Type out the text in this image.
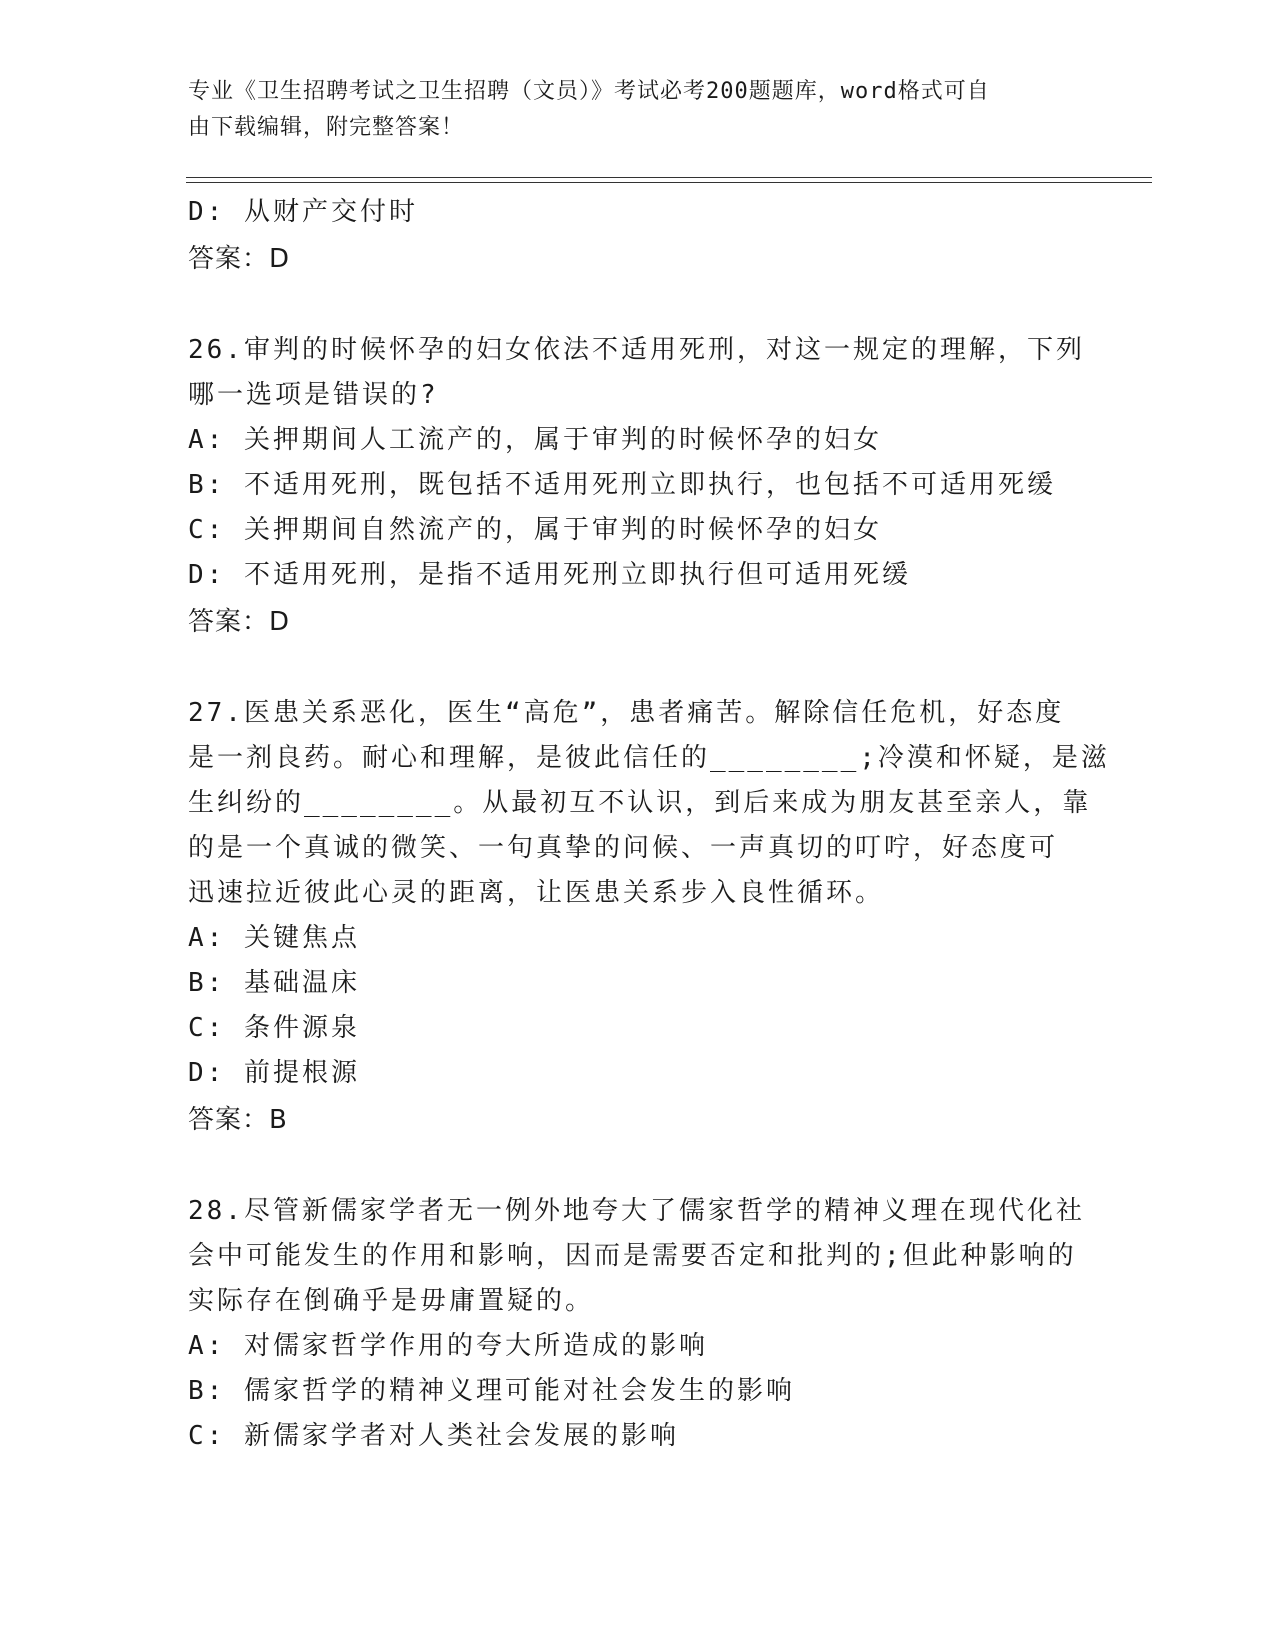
专业《卫生招聘考试之卫生招聘（文员）》考试必考200题题库，word格式可自
由下载编辑，附完整答案！
D: 从财产交付时
答案：D
26.审判的时候怀孕的妇女依法不适用死刑，对这一规定的理解，下列
哪一选项是错误的?
A: 关押期间人工流产的，属于审判的时候怀孕的妇女
B: 不适用死刑，既包括不适用死刑立即执行，也包括不可适用死缓
C: 关押期间自然流产的，属于审判的时候怀孕的妇女
D: 不适用死刑，是指不适用死刑立即执行但可适用死缓
答案：D
27.医患关系恶化，医生“高危”，患者痛苦。解除信任危机，好态度
是一剂良药。耐心和理解，是彼此信任的________;冷漠和怀疑，是滋
生纠纷的________。从最初互不认识，到后来成为朋友甚至亲人，靠
的是一个真诚的微笑、一句真挚的问候、一声真切的叮咛，好态度可
迅速拉近彼此心灵的距离，让医患关系步入良性循环。
A: 关键焦点
B: 基础温床
C: 条件源泉
D: 前提根源
答案：B
28.尽管新儒家学者无一例外地夸大了儒家哲学的精神义理在现代化社
会中可能发生的作用和影响，因而是需要否定和批判的;但此种影响的
实际存在倒确乎是毋庸置疑的。
A: 对儒家哲学作用的夸大所造成的影响
B: 儒家哲学的精神义理可能对社会发生的影响
C: 新儒家学者对人类社会发展的影响
